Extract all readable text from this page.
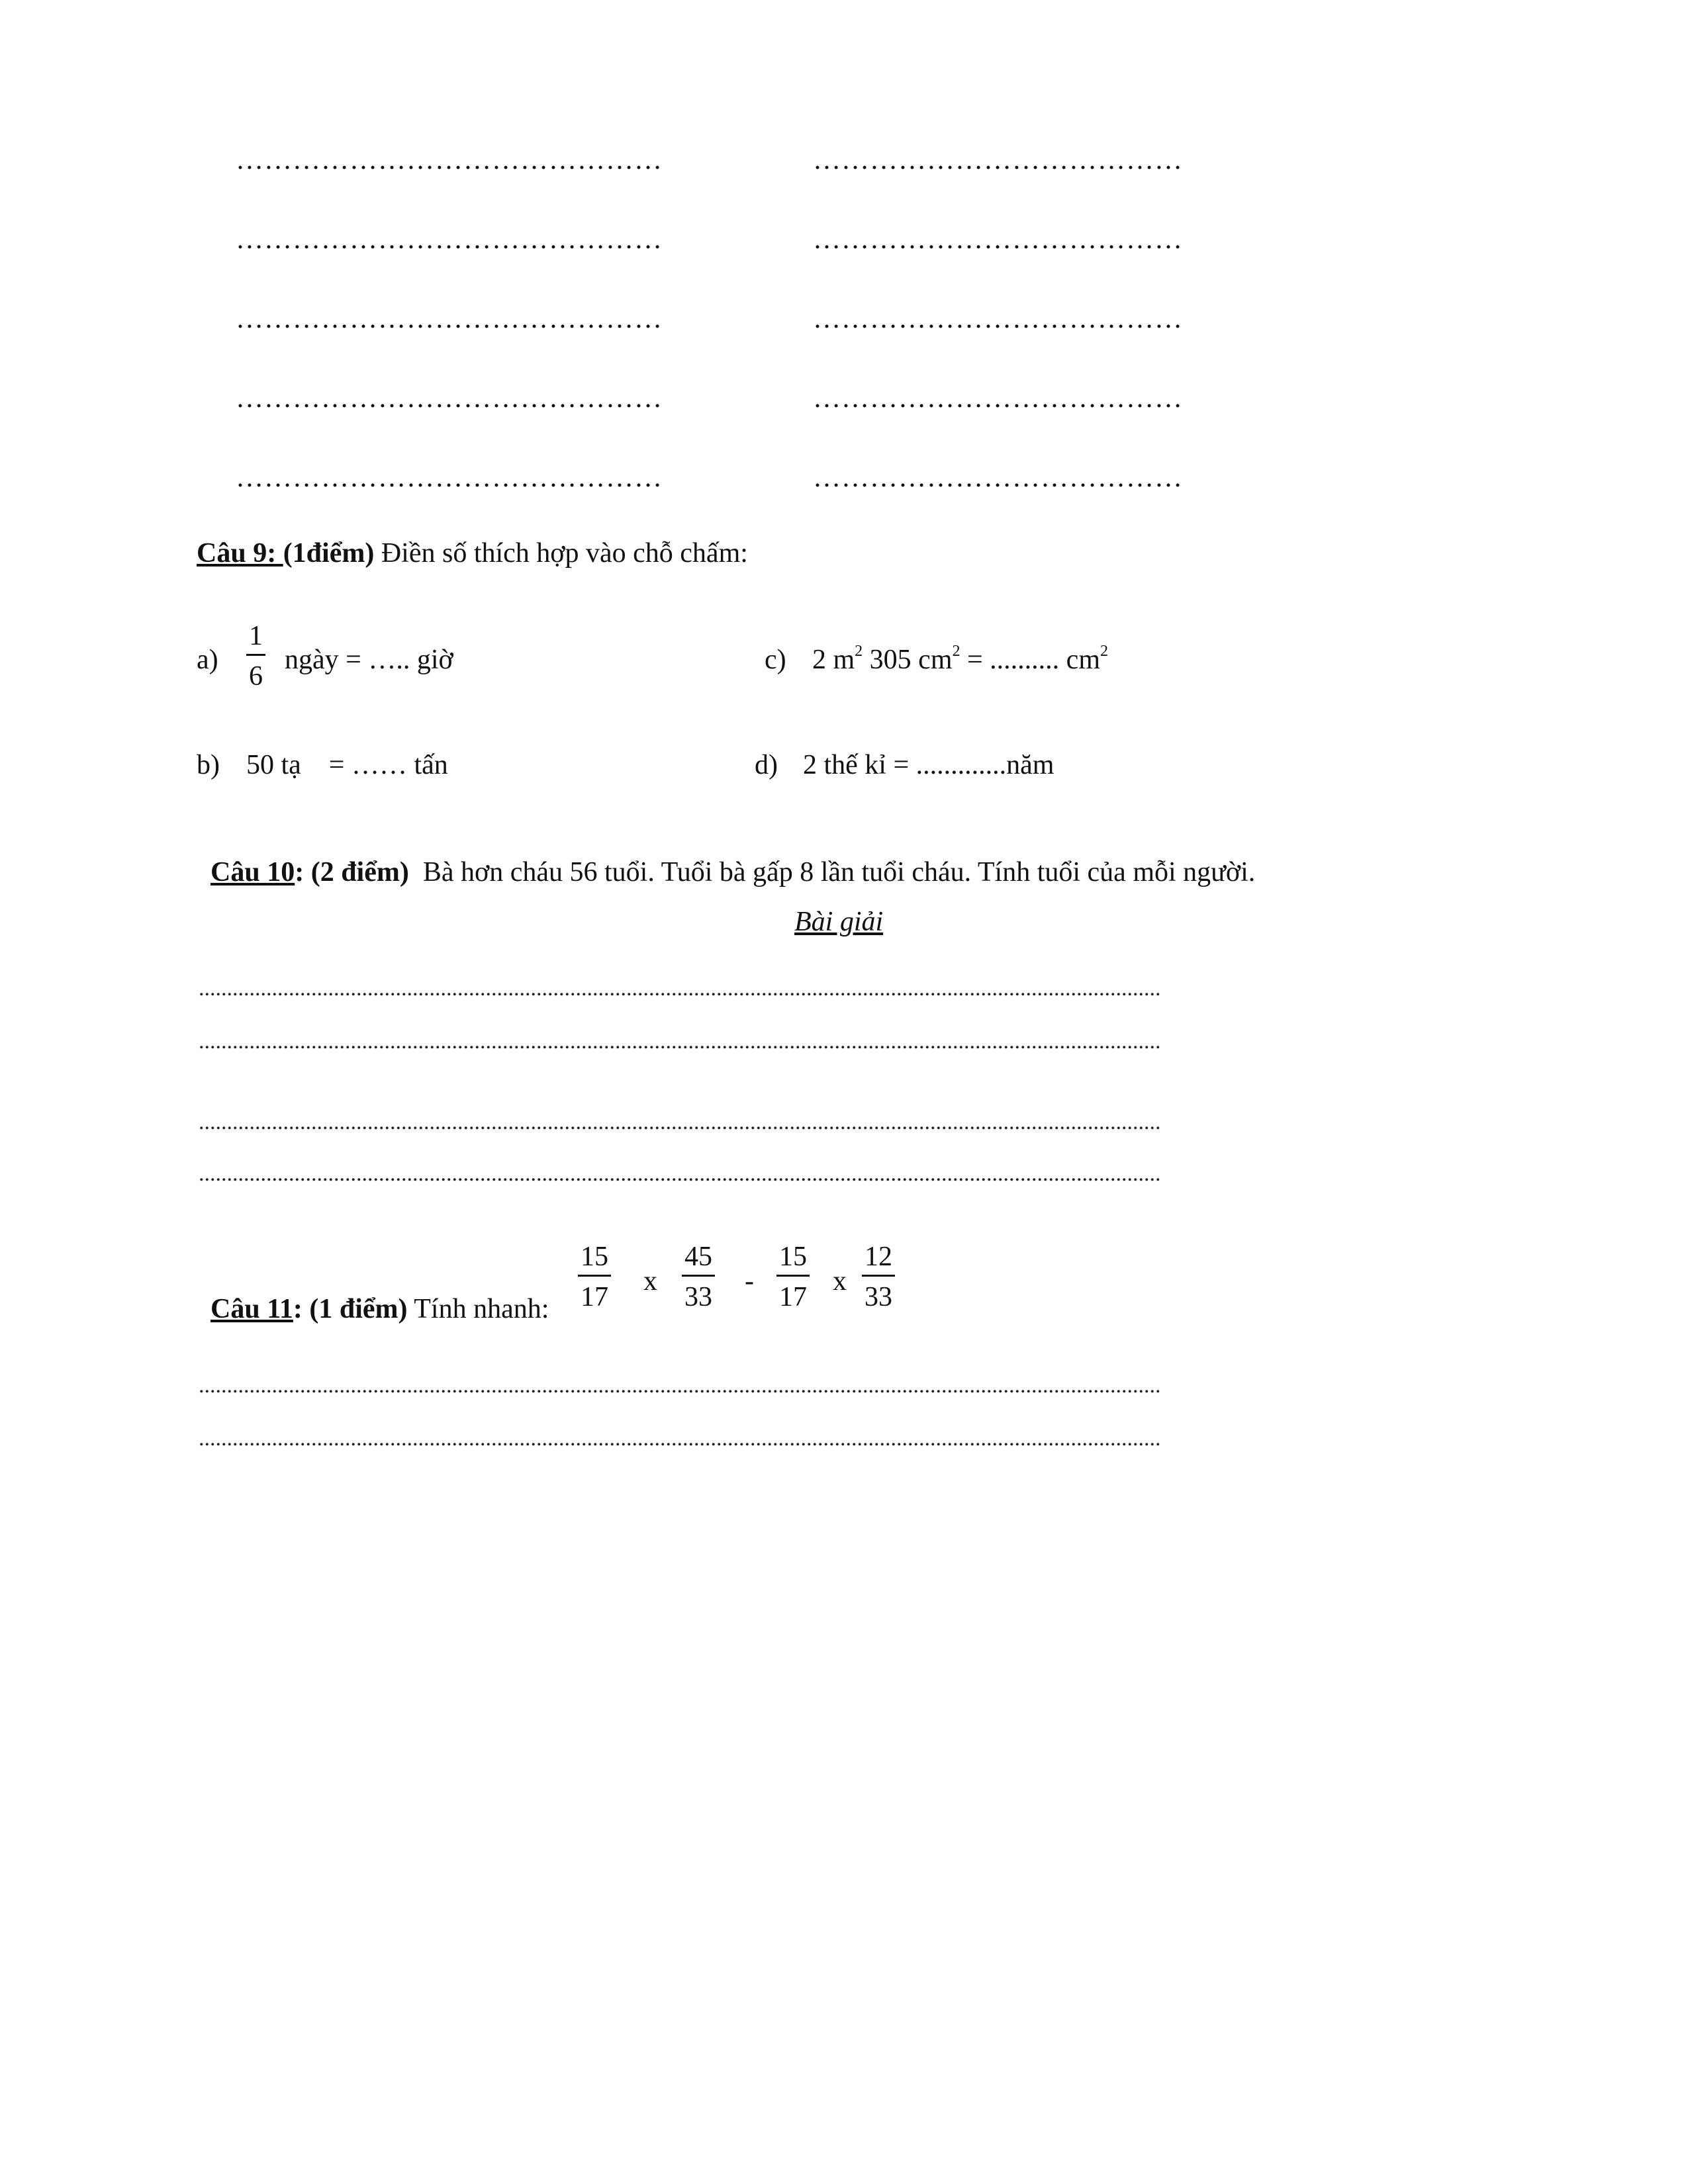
………………………………………	…………………………………
………………………………………	…………………………………
………………………………………	…………………………………
………………………………………	…………………………………
………………………………………	…………………………………
Câu 9: (1điểm) Điền số thích hợp vào chỗ chấm:
a)
1
6
ngày = ….. giờ	c) 2 $m^2$ 305 $cm^2$ = .......... $cm^2$
b) 50 tạ    = …… tấn	d) 2 thế kỉ = .............năm

Câu 10: (2 điểm)  Bà hơn cháu 56 tuổi. Tuổi bà gấp 8 lần tuổi cháu. Tính tuổi của mỗi người.

Bài giải
...........................................................................................................................................................................
...........................................................................................................................................................................
...........................................................................................................................................................................
...........................................................................................................................................................................

Câu 11: (1 điểm) Tính nhanh:

15
17
x
45
33
-
15
17
x
12
33
...........................................................................................................................................................................
...........................................................................................................................................................................
